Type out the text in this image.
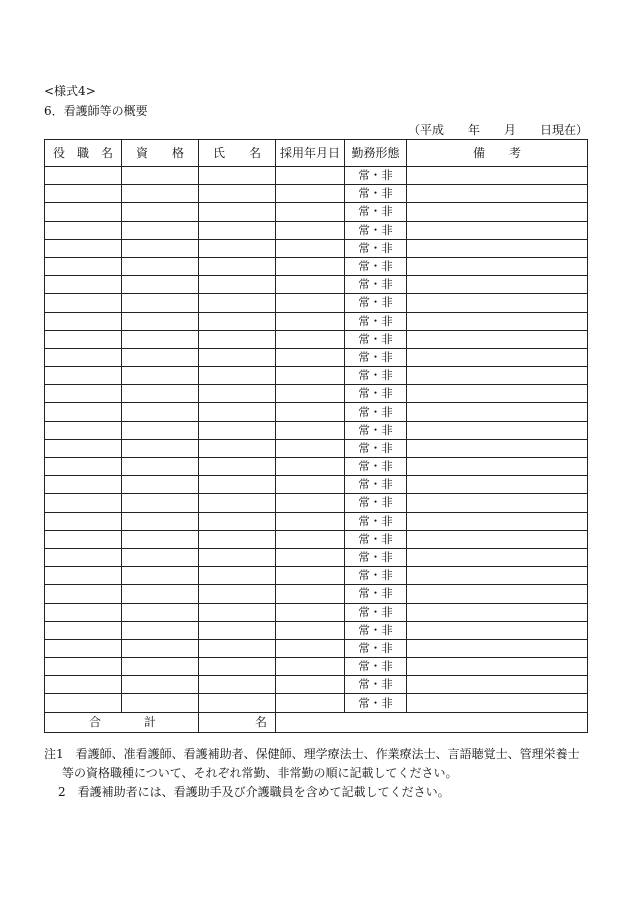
<様式4>
6．看護師等の概要
（平成　　年　　月　　日現在）
役　職　名	資　　格	氏　　名	採用年月日	勤務形態	備　　考
				常・非	
				常・非	
				常・非	
				常・非	
				常・非	
				常・非	
				常・非	
				常・非	
				常・非	
				常・非	
				常・非	
				常・非	
				常・非	
				常・非	
				常・非	
				常・非	
				常・非	
				常・非	
				常・非	
				常・非	
				常・非	
				常・非	
				常・非	
				常・非	
				常・非	
				常・非	
				常・非	
				常・非	
				常・非	
				常・非	

合 計		名			
注1　看護師、准看護師、看護補助者、保健師、理学療法士、作業療法士、言語聴覚士、管理栄養士
等の資格職種について、それぞれ常勤、非常勤の順に記載してください。
2　看護補助者には、看護助手及び介護職員を含めて記載してください。
